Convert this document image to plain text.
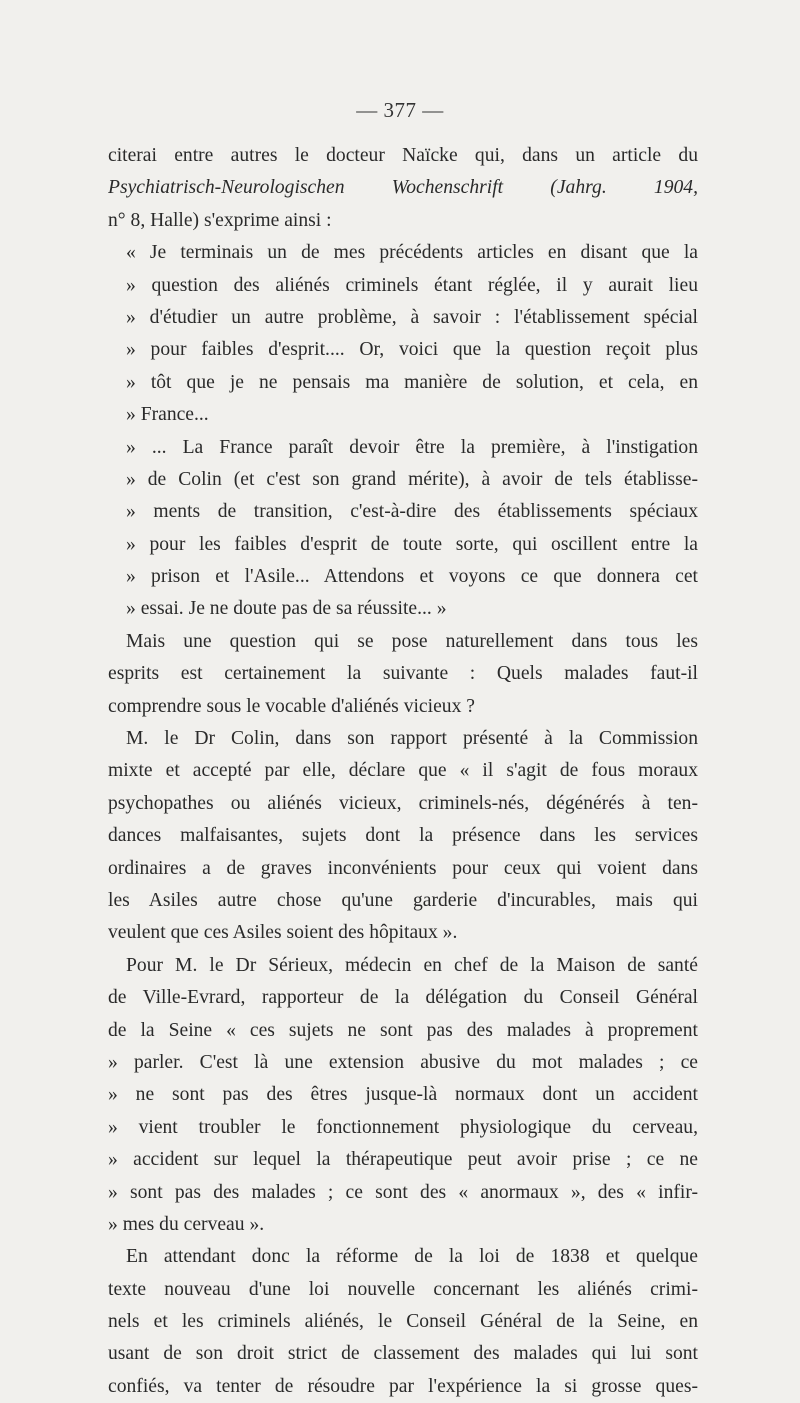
— 377 —
citerai entre autres le docteur Naïcke qui, dans un article du
Psychiatrisch-Neurologischen Wochenschrift (Jahrg. 1904,
n° 8, Halle) s'exprime ainsi :
« Je terminais un de mes précédents articles en disant que la
» question des aliénés criminels étant réglée, il y aurait lieu
» d'étudier un autre problème, à savoir : l'établissement spécial
» pour faibles d'esprit.... Or, voici que la question reçoit plus
» tôt que je ne pensais ma manière de solution, et cela, en
» France...
» ... La France paraît devoir être la première, à l'instigation
» de Colin (et c'est son grand mérite), à avoir de tels établisse-
» ments de transition, c'est-à-dire des établissements spéciaux
» pour les faibles d'esprit de toute sorte, qui oscillent entre la
» prison et l'Asile... Attendons et voyons ce que donnera cet
» essai. Je ne doute pas de sa réussite... »
Mais une question qui se pose naturellement dans tous les
esprits est certainement la suivante : Quels malades faut-il
comprendre sous le vocable d'aliénés vicieux ?
M. le Dr Colin, dans son rapport présenté à la Commission
mixte et accepté par elle, déclare que « il s'agit de fous moraux
psychopathes ou aliénés vicieux, criminels-nés, dégénérés à ten-
dances malfaisantes, sujets dont la présence dans les services
ordinaires a de graves inconvénients pour ceux qui voient dans
les Asiles autre chose qu'une garderie d'incurables, mais qui
veulent que ces Asiles soient des hôpitaux ».
Pour M. le Dr Sérieux, médecin en chef de la Maison de santé
de Ville-Evrard, rapporteur de la délégation du Conseil Général
de la Seine « ces sujets ne sont pas des malades à proprement
» parler. C'est là une extension abusive du mot malades ; ce
» ne sont pas des êtres jusque-là normaux dont un accident
» vient troubler le fonctionnement physiologique du cerveau,
» accident sur lequel la thérapeutique peut avoir prise ; ce ne
» sont pas des malades ; ce sont des « anormaux », des « infir-
» mes du cerveau ».
En attendant donc la réforme de la loi de 1838 et quelque
texte nouveau d'une loi nouvelle concernant les aliénés crimi-
nels et les criminels aliénés, le Conseil Général de la Seine, en
usant de son droit strict de classement des malades qui lui sont
confiés, va tenter de résoudre par l'expérience la si grosse ques-
